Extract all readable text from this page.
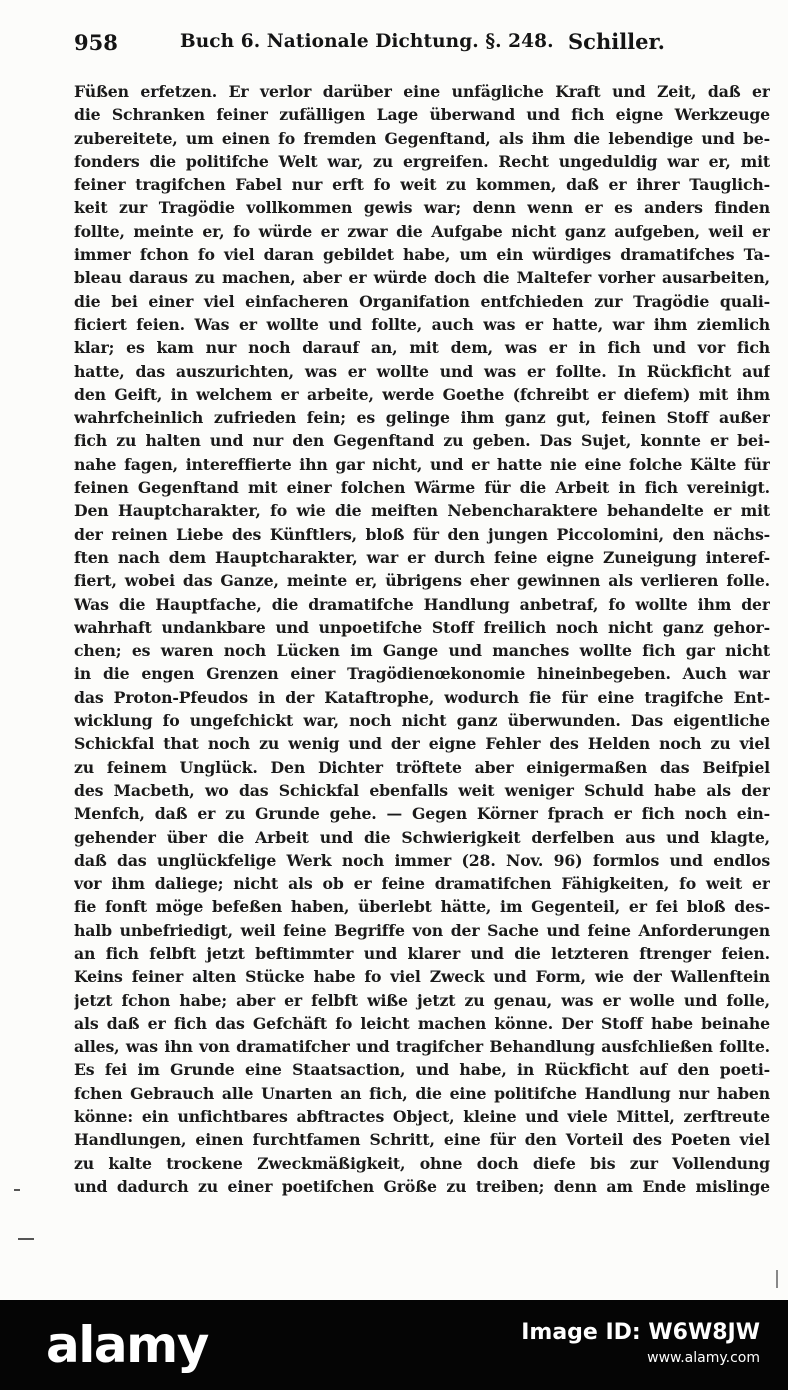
958	Buch 6. Nationale Dichtung. §. 248. Schiller.
Füßen erfetzen. Er verlor darüber eine unfägliche Kraft und Zeit, daß er
die Schranken feiner zufälligen Lage überwand und fich eigne Werkzeuge
zubereitete, um einen fo fremden Gegenftand, als ihm die lebendige und be-
fonders die politifche Welt war, zu ergreifen. Recht ungeduldig war er, mit
feiner tragifchen Fabel nur erft fo weit zu kommen, daß er ihrer Tauglich-
keit zur Tragödie vollkommen gewis war; denn wenn er es anders finden
follte, meinte er, fo würde er zwar die Aufgabe nicht ganz aufgeben, weil er
immer fchon fo viel daran gebildet habe, um ein würdiges dramatifches Ta-
bleau daraus zu machen, aber er würde doch die Maltefer vorher ausarbeiten,
die bei einer viel einfacheren Organifation entfchieden zur Tragödie quali-
ficiert feien. Was er wollte und follte, auch was er hatte, war ihm ziemlich
klar; es kam nur noch darauf an, mit dem, was er in fich und vor fich
hatte, das auszurichten, was er wollte und was er follte. In Rückficht auf
den Geift, in welchem er arbeite, werde Goethe (fchreibt er diefem) mit ihm
wahrfcheinlich zufrieden fein; es gelinge ihm ganz gut, feinen Stoff außer
fich zu halten und nur den Gegenftand zu geben. Das Sujet, konnte er bei-
nahe fagen, intereffierte ihn gar nicht, und er hatte nie eine folche Kälte für
feinen Gegenftand mit einer folchen Wärme für die Arbeit in fich vereinigt.
Den Hauptcharakter, fo wie die meiften Nebencharaktere behandelte er mit
der reinen Liebe des Künftlers, bloß für den jungen Piccolomini, den nächs-
ften nach dem Hauptcharakter, war er durch feine eigne Zuneigung interef-
fiert, wobei das Ganze, meinte er, übrigens eher gewinnen als verlieren folle.
Was die Hauptfache, die dramatifche Handlung anbetraf, fo wollte ihm der
wahrhaft undankbare und unpoetifche Stoff freilich noch nicht ganz gehor-
chen; es waren noch Lücken im Gange und manches wollte fich gar nicht
in die engen Grenzen einer Tragödienœkonomie hineinbegeben. Auch war
das Proton-Pfeudos in der Kataftrophe, wodurch fie für eine tragifche Ent-
wicklung fo ungefchickt war, noch nicht ganz überwunden. Das eigentliche
Schickfal that noch zu wenig und der eigne Fehler des Helden noch zu viel
zu feinem Unglück. Den Dichter tröftete aber einigermaßen das Beifpiel
des Macbeth, wo das Schickfal ebenfalls weit weniger Schuld habe als der
Menfch, daß er zu Grunde gehe. — Gegen Körner fprach er fich noch ein-
gehender über die Arbeit und die Schwierigkeit derfelben aus und klagte,
daß das unglückfelige Werk noch immer (28. Nov. 96) formlos und endlos
vor ihm daliege; nicht als ob er feine dramatifchen Fähigkeiten, fo weit er
fie fonft möge befeßen haben, überlebt hätte, im Gegenteil, er fei bloß des-
halb unbefriedigt, weil feine Begriffe von der Sache und feine Anforderungen
an fich felbft jetzt beftimmter und klarer und die letzteren ftrenger feien.
Keins feiner alten Stücke habe fo viel Zweck und Form, wie der Wallenftein
jetzt fchon habe; aber er felbft wiße jetzt zu genau, was er wolle und folle,
als daß er fich das Gefchäft fo leicht machen könne. Der Stoff habe beinahe
alles, was ihn von dramatifcher und tragifcher Behandlung ausfchließen follte.
Es fei im Grunde eine Staatsaction, und habe, in Rückficht auf den poeti-
fchen Gebrauch alle Unarten an fich, die eine politifche Handlung nur haben
könne: ein unfichtbares abftractes Object, kleine und viele Mittel, zerftreute
Handlungen, einen furchtfamen Schritt, eine für den Vorteil des Poeten viel
zu kalte trockene Zweckmäßigkeit, ohne doch diefe bis zur Vollendung
und dadurch zu einer poetifchen Größe zu treiben; denn am Ende mislinge
alamy	Image ID: W6W8JW
www.alamy.com
